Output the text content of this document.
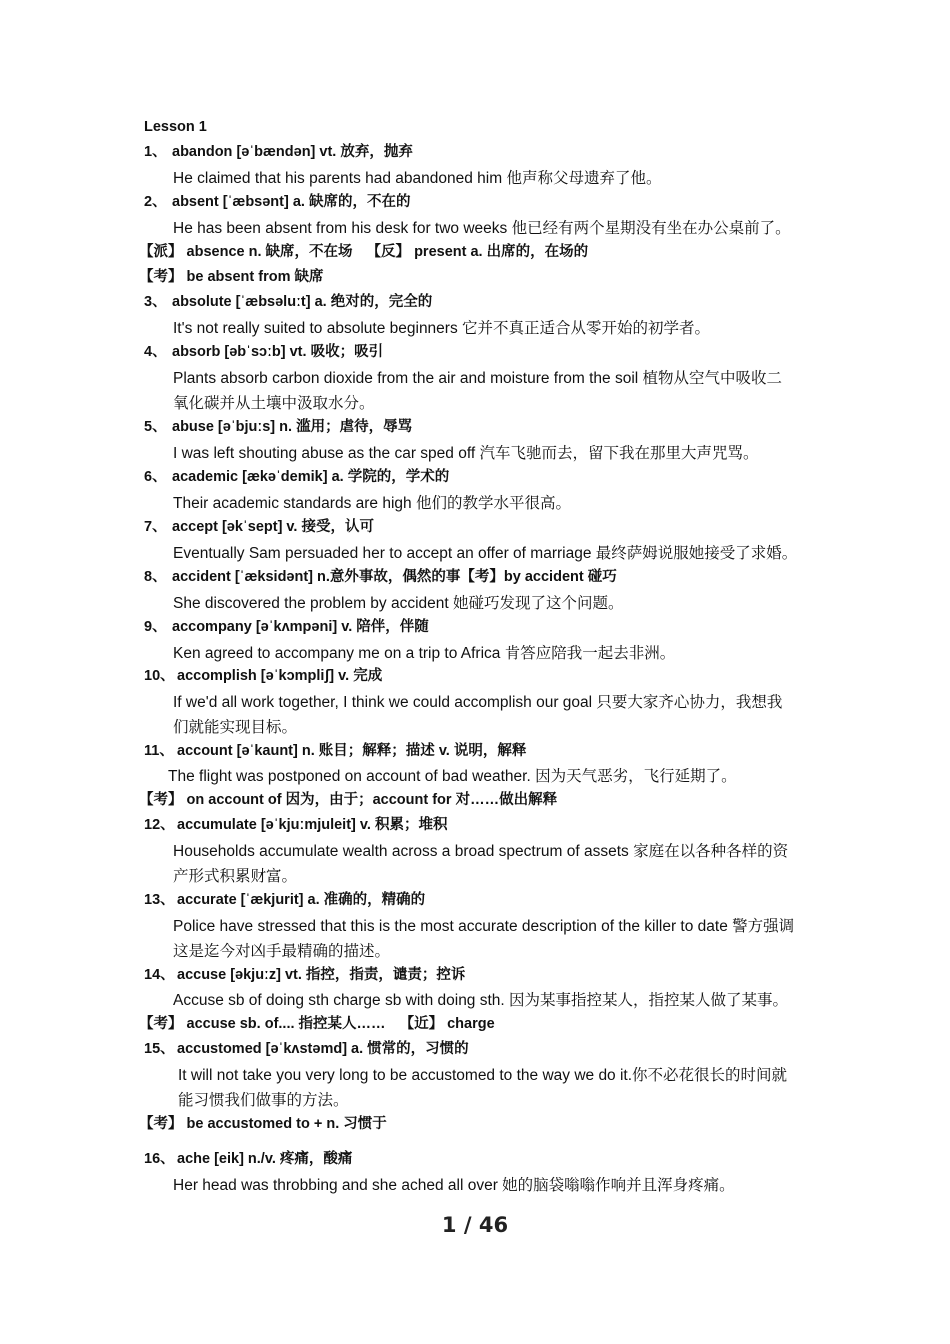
Lesson 1
1、 abandon [əˈbændən] vt. 放弃，抛弃
He claimed that his parents had abandoned him 他声称父母遗弃了他。
2、 absent [ˈæbsənt] a. 缺席的，不在的
He has been absent from his desk for two weeks 他已经有两个星期没有坐在办公桌前了。
【派】 absence n. 缺席，不在场 【反】 present a. 出席的，在场的
【考】 be absent from 缺席
3、 absolute [ˈæbsəluːt] a. 绝对的，完全的
It's not really suited to absolute beginners 它并不真正适合从零开始的初学者。
4、 absorb [əbˈsɔːb] vt. 吸收；吸引
Plants absorb carbon dioxide from the air and moisture from the soil 植物从空气中吸收二
氧化碳并从土壤中汲取水分。
5、 abuse [əˈbjuːs] n. 滥用；虐待，辱骂
I was left shouting abuse as the car sped off 汽车飞驰而去，留下我在那里大声咒骂。
6、 academic [ækəˈdemik] a. 学院的，学术的
Their academic standards are high 他们的教学水平很高。
7、 accept [əkˈsept] v. 接受，认可
Eventually Sam persuaded her to accept an offer of marriage 最终萨姆说服她接受了求婚。
8、 accident [ˈæksidənt] n.意外事故，偶然的事【考】by accident 碰巧
She discovered the problem by accident 她碰巧发现了这个问题。
9、 accompany [əˈkʌmpəni] v. 陪伴，伴随
Ken agreed to accompany me on a trip to Africa 肯答应陪我一起去非洲。
10、 accomplish [əˈkɔmpliʃ] v. 完成
If we'd all work together, I think we could accomplish our goal 只要大家齐心协力，我想我
们就能实现目标。
11、 account [əˈkaunt] n. 账目；解释；描述 v. 说明，解释
The flight was postponed on account of bad weather. 因为天气恶劣，飞行延期了。
【考】 on account of 因为，由于；account for 对……做出解释
12、 accumulate [əˈkjuːmjuleit] v. 积累；堆积
Households accumulate wealth across a broad spectrum of assets 家庭在以各种各样的资
产形式积累财富。
13、 accurate [ˈækjurit] a. 准确的，精确的
Police have stressed that this is the most accurate description of the killer to date 警方强调
这是迄今对凶手最精确的描述。
14、 accuse [əkjuːz] vt. 指控，指责，谴责；控诉
Accuse sb of doing sth charge sb with doing sth. 因为某事指控某人，指控某人做了某事。
【考】 accuse sb. of.... 指控某人…… 【近】 charge
15、 accustomed [əˈkʌstəmd] a. 惯常的，习惯的
It will not take you very long to be accustomed to the way we do it.你不必花很长的时间就
能习惯我们做事的方法。
【考】 be accustomed to + n. 习惯于
16、 ache [eik] n./v. 疼痛，酸痛
Her head was throbbing and she ached all over 她的脑袋嗡嗡作响并且浑身疼痛。
1 / 46
